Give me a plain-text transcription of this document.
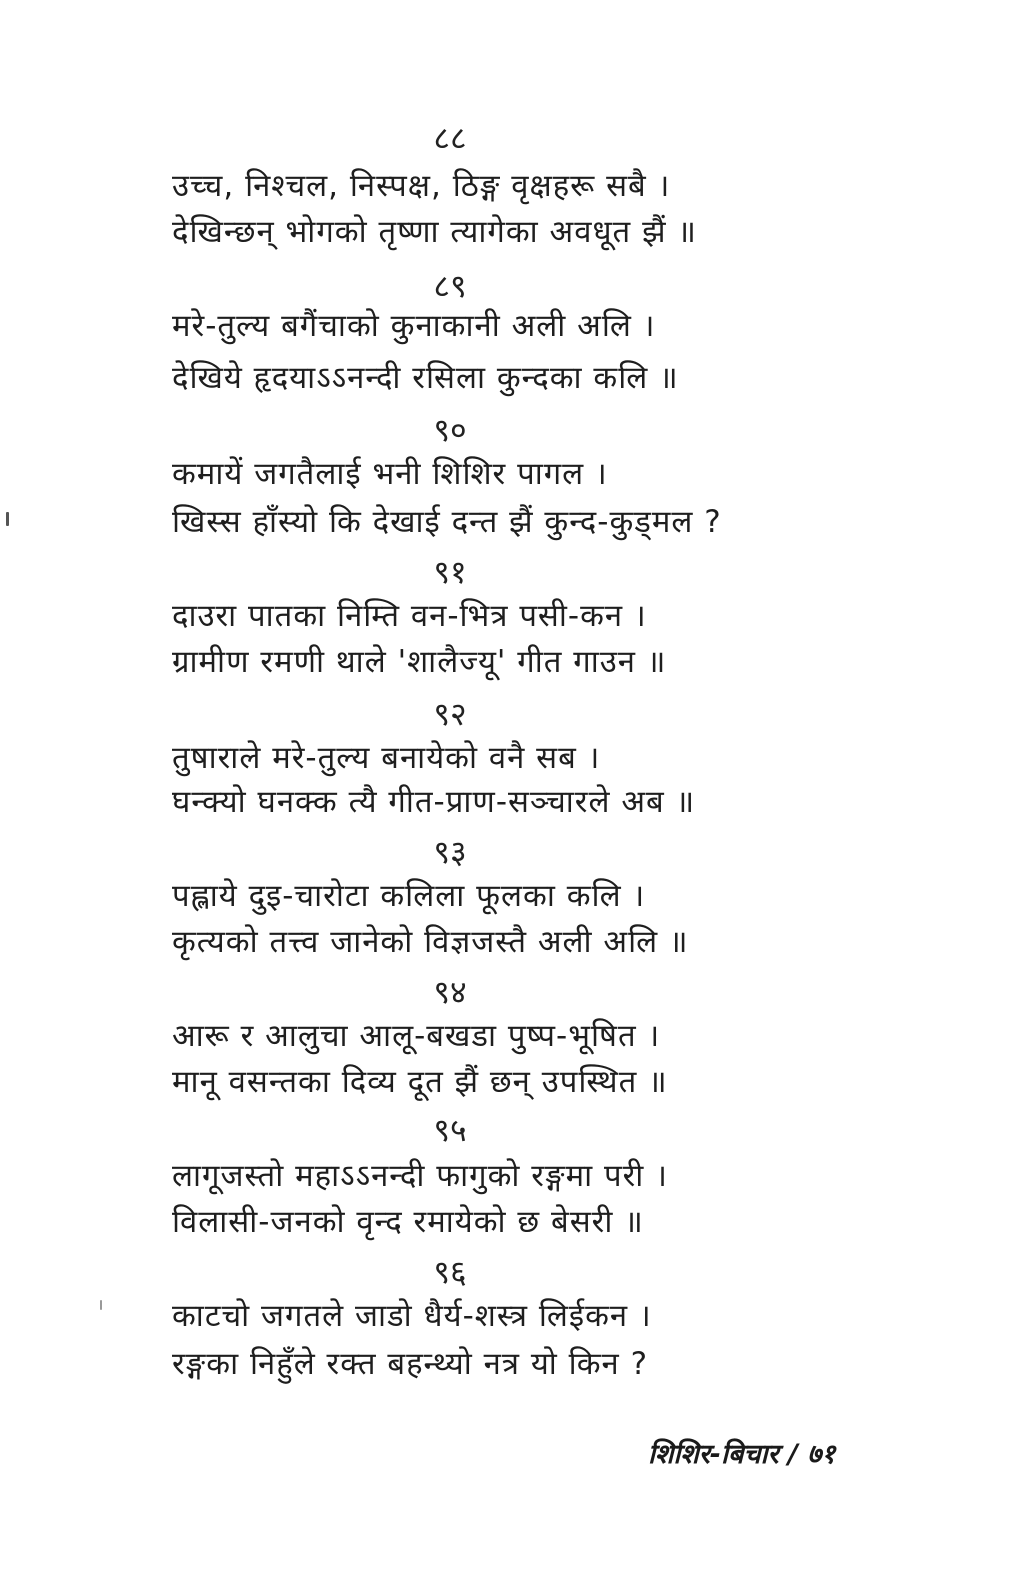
८८
उच्च, निश्चल, निस्पक्ष, ठिङ्ग वृक्षहरू सबै ।
देखिन्छन् भोगको तृष्णा त्यागेका अवधूत झैं ॥
८९
मरे-तुल्य बगैंचाको कुनाकानी अली अलि ।
देखिये हृदयाऽऽनन्दी रसिला कुन्दका कलि ॥
९०
कमायें जगतैलाई भनी शिशिर पागल ।
खिस्स हाँस्यो कि देखाई दन्त झैं कुन्द-कुड्मल ?
९१
दाउरा पातका निम्ति वन-भित्र पसी-कन ।
ग्रामीण रमणी थाले 'शालैज्यू' गीत गाउन ॥
९२
तुषाराले मरे-तुल्य बनायेको वनै सब ।
घन्क्यो घनक्क त्यै गीत-प्राण-सञ्चारले अब ॥
९३
पह्लाये दुइ-चारोटा कलिला फूलका कलि ।
कृत्यको तत्त्व जानेको विज्ञजस्तै अली अलि ॥
९४
आरू र आलुचा आलू-बखडा पुष्प-भूषित ।
मानू वसन्तका दिव्य दूत झैं छन् उपस्थित ॥
९५
लागूजस्तो महाऽऽनन्दी फागुको रङ्गमा परी ।
विलासी-जनको वृन्द रमायेको छ बेसरी ॥
९६
काटचो जगतले जाडो धैर्य-शस्त्र लिईकन ।
रङ्गका निहुँले रक्त बहन्थ्यो नत्र यो किन ?
शिशिर-बिचार / ७१
